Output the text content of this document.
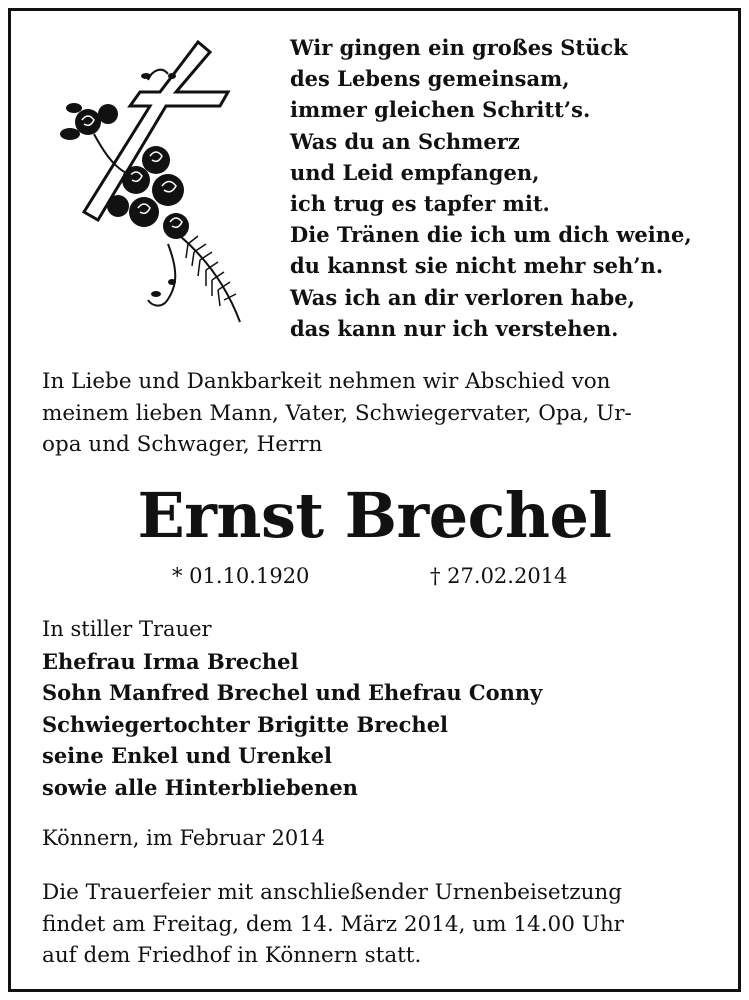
Wir gingen ein großes Stück
des Lebens gemeinsam,
immer gleichen Schritt’s.
Was du an Schmerz
und Leid empfangen,
ich trug es tapfer mit.
Die Tränen die ich um dich weine,
du kannst sie nicht mehr seh’n.
Was ich an dir verloren habe,
das kann nur ich verstehen.
In Liebe und Dankbarkeit nehmen wir Abschied von
meinem lieben Mann, Vater, Schwiegervater, Opa, Ur-
opa und Schwager, Herrn
Ernst Brechel
* 01.10.1920	† 27.02.2014
In stiller Trauer
Ehefrau Irma Brechel
Sohn Manfred Brechel und Ehefrau Conny
Schwiegertochter Brigitte Brechel
seine Enkel und Urenkel
sowie alle Hinterbliebenen
Könnern, im Februar 2014
Die Trauerfeier mit anschließender Urnenbeisetzung
findet am Freitag, dem 14. März 2014, um 14.00 Uhr
auf dem Friedhof in Könnern statt.
